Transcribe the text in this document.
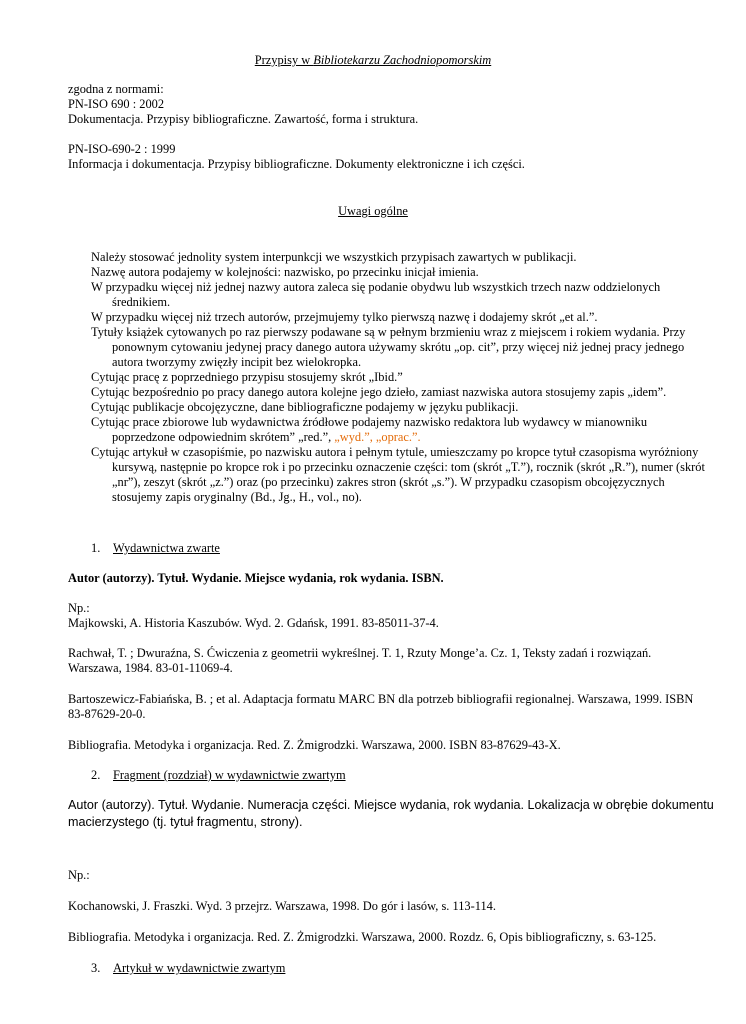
Przypisy w Bibliotekarzu Zachodniopomorskim

zgodna z normami:

PN-ISO 690 : 2002

Dokumentacja. Przypisy bibliograficzne. Zawartość, forma i struktura.

PN-ISO-690-2 : 1999

Informacja i dokumentacja. Przypisy bibliograficzne. Dokumenty elektroniczne i ich części.

Uwagi ogólne

Należy stosować jednolity system interpunkcji we wszystkich przypisach zawartych w publikacji.

Nazwę autora podajemy w kolejności: nazwisko, po przecinku inicjał imienia.

W przypadku więcej niż jednej nazwy autora zaleca się podanie obydwu lub wszystkich trzech nazw oddzielonych średnikiem.

W przypadku więcej niż trzech autorów, przejmujemy tylko pierwszą nazwę i dodajemy skrót „et al.”.

Tytuły książek cytowanych po raz pierwszy podawane są w pełnym brzmieniu wraz z miejscem i rokiem wydania. Przy ponownym cytowaniu jedynej pracy danego autora używamy skrótu „op. cit”, przy więcej niż jednej pracy jednego autora tworzymy zwięzły incipit bez wielokropka.

Cytując pracę z poprzedniego przypisu stosujemy skrót „Ibid.”

Cytując bezpośrednio po pracy danego autora kolejne jego dzieło, zamiast nazwiska autora stosujemy zapis „idem”.

Cytując publikacje obcojęzyczne, dane bibliograficzne podajemy w języku publikacji.

Cytując prace zbiorowe lub wydawnictwa źródłowe podajemy nazwisko redaktora lub wydawcy w mianowniku poprzedzone odpowiednim skrótem” „red.”, „wyd.”, „oprac.”.

Cytując artykuł w czasopiśmie, po nazwisku autora i pełnym tytule, umieszczamy po kropce tytuł czasopisma wyróżniony kursywą, następnie po kropce rok i po przecinku oznaczenie części: tom (skrót „T.”), rocznik (skrót „R.”), numer (skrót „nr”), zeszyt (skrót „z.”) oraz (po przecinku) zakres stron (skrót „s.”). W przypadku czasopism obcojęzycznych stosujemy zapis oryginalny (Bd., Jg., H., vol., no).

1. Wydawnictwa zwarte

Autor (autorzy). Tytuł. Wydanie. Miejsce wydania, rok wydania. ISBN.

Np.:

Majkowski, A. Historia Kaszubów. Wyd. 2. Gdańsk, 1991. 83-85011-37-4.

Rachwał, T. ; Dwuraźna, S. Ćwiczenia z geometrii wykreślnej. T. 1, Rzuty Monge’a. Cz. 1, Teksty zadań i rozwiązań. Warszawa, 1984. 83-01-11069-4.

Bartoszewicz-Fabiańska, B. ; et al. Adaptacja formatu MARC BN dla potrzeb bibliografii regionalnej. Warszawa, 1999. ISBN 83-87629-20-0.

Bibliografia. Metodyka i organizacja. Red. Z. Żmigrodzki. Warszawa, 2000. ISBN 83-87629-43-X.

2. Fragment (rozdział) w wydawnictwie zwartym

Autor (autorzy). Tytuł. Wydanie. Numeracja części. Miejsce wydania, rok wydania. Lokalizacja w obrębie dokumentu macierzystego (tj. tytuł fragmentu, strony).

Np.:

Kochanowski, J. Fraszki. Wyd. 3 przejrz. Warszawa, 1998. Do gór i lasów, s. 113-114.

Bibliografia. Metodyka i organizacja. Red. Z. Żmigrodzki. Warszawa, 2000. Rozdz. 6, Opis bibliograficzny, s. 63-125.

3. Artykuł w wydawnictwie zwartym
